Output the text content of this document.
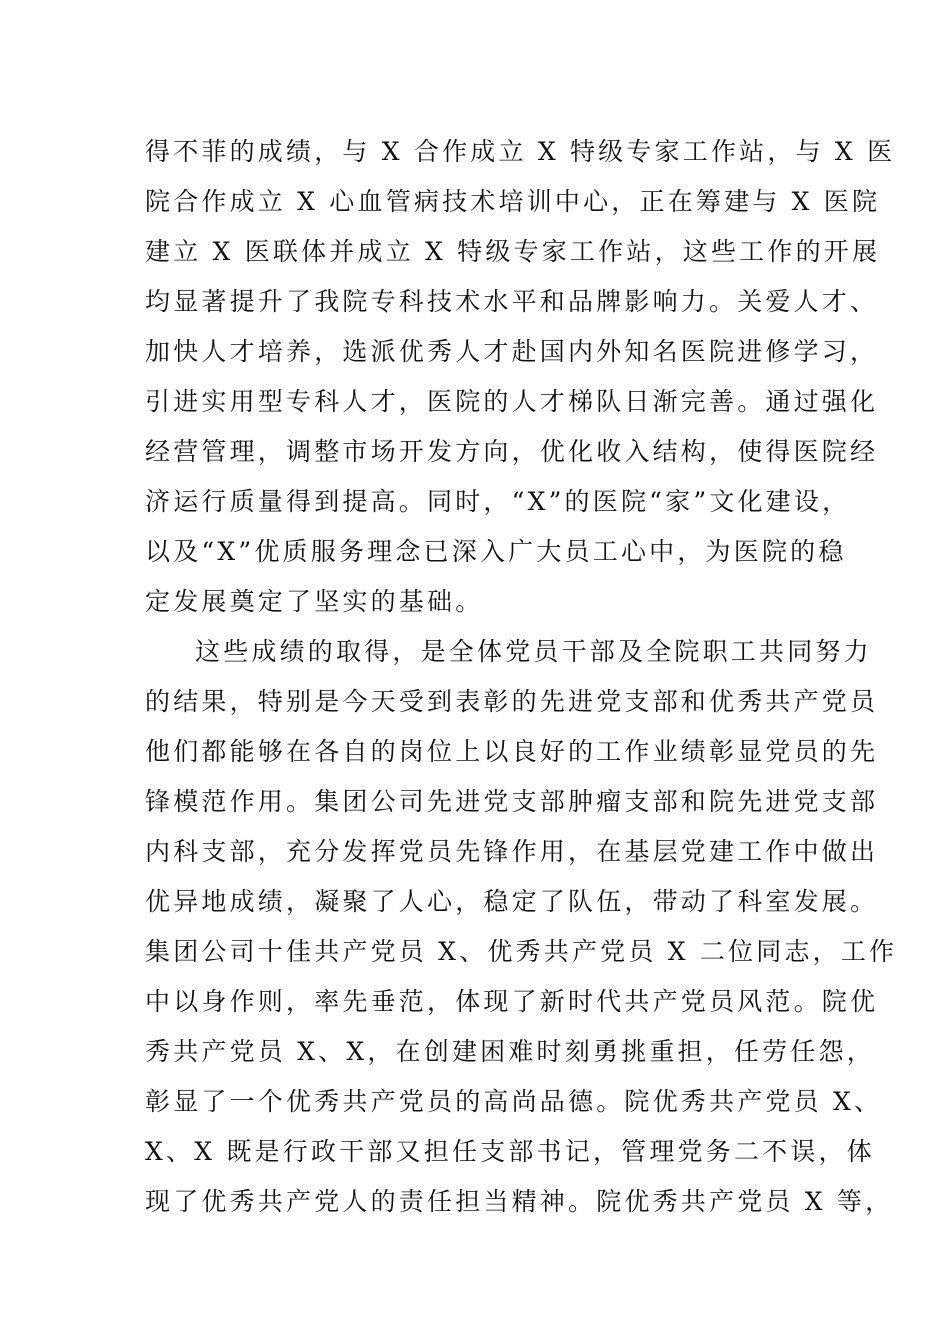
得不菲的成绩，与 X 合作成立 X 特级专家工作站，与 X 医
院合作成立 X 心血管病技术培训中心，正在筹建与 X 医院
建立 X 医联体并成立 X 特级专家工作站，这些工作的开展
均显著提升了我院专科技术水平和品牌影响力。关爱人才、
加快人才培养，选派优秀人才赴国内外知名医院进修学习，
引进实用型专科人才，医院的人才梯队日渐完善。通过强化
经营管理，调整市场开发方向，优化收入结构，使得医院经
济运行质量得到提高。同时，“X”的医院“家”文化建设，
以及“X”优质服务理念已深入广大员工心中，为医院的稳
定发展奠定了坚实的基础。
这些成绩的取得，是全体党员干部及全院职工共同努力
的结果，特别是今天受到表彰的先进党支部和优秀共产党员
他们都能够在各自的岗位上以良好的工作业绩彰显党员的先
锋模范作用。集团公司先进党支部肿瘤支部和院先进党支部
内科支部，充分发挥党员先锋作用，在基层党建工作中做出
优异地成绩，凝聚了人心，稳定了队伍，带动了科室发展。
集团公司十佳共产党员 X、优秀共产党员 X 二位同志，工作
中以身作则，率先垂范，体现了新时代共产党员风范。院优
秀共产党员 X、X，在创建困难时刻勇挑重担，任劳任怨，
彰显了一个优秀共产党员的高尚品德。院优秀共产党员 X、
X、X 既是行政干部又担任支部书记，管理党务二不误，体
现了优秀共产党人的责任担当精神。院优秀共产党员 X 等，
